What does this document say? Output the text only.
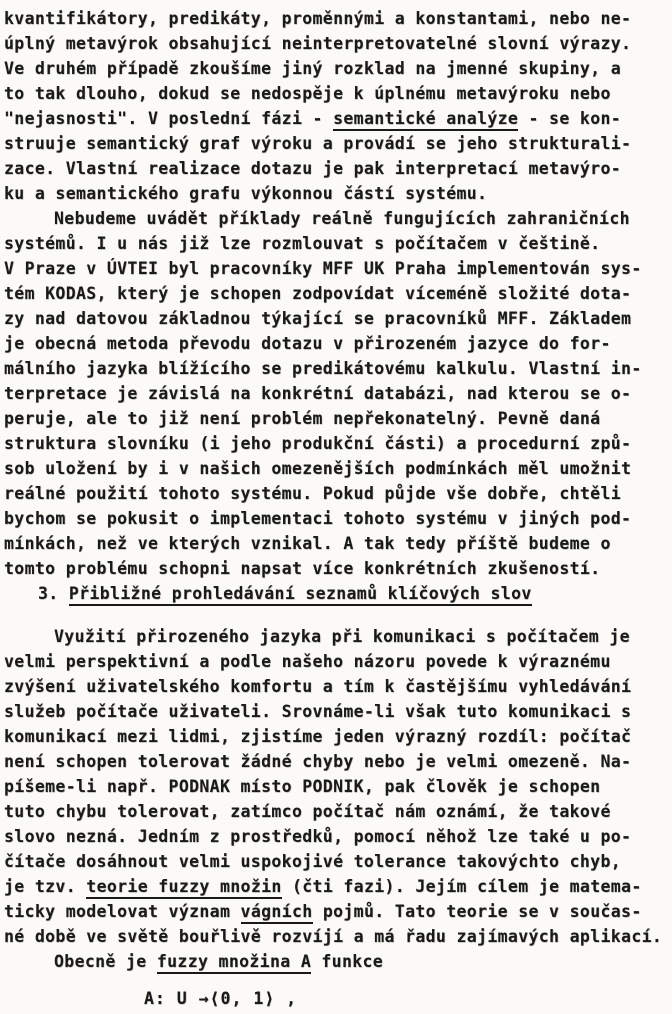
kvantifikátory, predikáty, proměnnými a konstantami, nebo ne-
úplný metavýrok obsahující neinterpretovatelné slovní výrazy.
Ve druhém případě zkoušíme jiný rozklad na jmenné skupiny, a
to tak dlouho, dokud se nedospěje k úplnému metavýroku nebo
"nejasnosti". V poslední fázi - semantické analýze - se kon-
struuje semantický graf výroku a provádí se jeho strukturali-
zace. Vlastní realizace dotazu je pak interpretací metavýro-
ku a semantického grafu výkonnou částí systému.
Nebudeme uvádět příklady reálně fungujících zahraničních
systémů. I u nás již lze rozmlouvat s počítačem v češtině.
V Praze v ÚVTEI byl pracovníky MFF UK Praha implementován sys-
tém KODAS, který je schopen zodpovídat víceméně složité dota-
zy nad datovou základnou týkající se pracovníků MFF. Základem
je obecná metoda převodu dotazu v přirozeném jazyce do for-
málního jazyka blížícího se predikátovému kalkulu. Vlastní in-
terpretace je závislá na konkrétní databázi, nad kterou se o-
peruje, ale to již není problém nepřekonatelný. Pevně daná
struktura slovníku (i jeho produkční části) a procedurní způ-
sob uložení by i v našich omezenějších podmínkách měl umožnit
reálné použití tohoto systému. Pokud půjde vše dobře, chtěli
bychom se pokusit o implementaci tohoto systému v jiných pod-
mínkách, než ve kterých vznikal. A tak tedy příště budeme o
tomto problému schopni napsat více konkrétních zkušeností.
3. Přibližné prohledávání seznamů klíčových slov
Využití přirozeného jazyka při komunikaci s počítačem je
velmi perspektivní a podle našeho názoru povede k výraznému
zvýšení uživatelského komfortu a tím k častějšímu vyhledávání
služeb počítače uživateli. Srovnáme-li však tuto komunikaci s
komunikací mezi lidmi, zjistíme jeden výrazný rozdíl: počítač
není schopen tolerovat žádné chyby nebo je velmi omezeně. Na-
píšeme-li např. PODNAK místo PODNIK, pak člověk je schopen
tuto chybu tolerovat, zatímco počítač nám oznámí, že takové
slovo nezná. Jedním z prostředků, pomocí něhož lze také u po-
čítače dosáhnout velmi uspokojivé tolerance takovýchto chyb,
je tzv. teorie fuzzy množin (čti fazi). Jejím cílem je matema-
ticky modelovat význam vágních pojmů. Tato teorie se v součas-
né době ve světě bouřlivě rozvíjí a má řadu zajímavých aplikací.
Obecně je fuzzy množina A funkce
A: U →⟨0, 1⟩ ,
